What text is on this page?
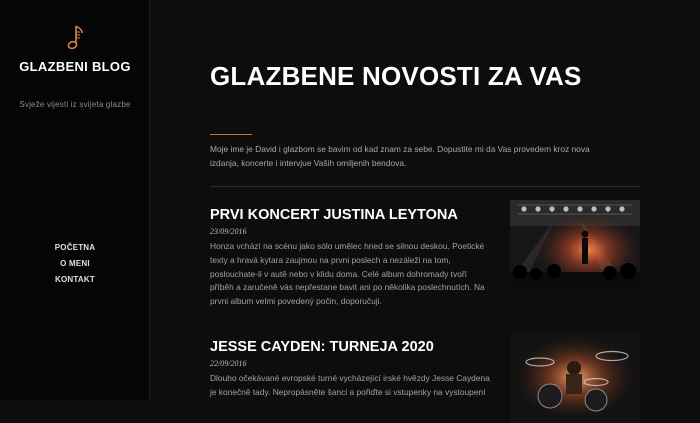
GLAZBENI BLOG
Svježe vijesti iz svijeta glazbe
POČETNA
O MENI
KONTAKT
GLAZBENE NOVOSTI ZA VAS

Moje ime je David i glazbom se bavim od kad znam za sebe. Dopustite mi da Vas provedem kroz nova izdanja, koncerte i intervjue Vaših omiljenih bendova.

PRVI KONCERT JUSTINA LEYTONA
23/09/2016

Honza vchází na scénu jako sólo umělec hned se silnou deskou. Poetické texty a hravá kytara zaujmou na prvni poslech a nezáleži na tom, poslouchate-li v autě nebo v klidu doma. Celé album dohromady tvoří příběh a zaručeně vás nepřestane bavit ani po několika poslechnutích. Na prvni album velmi povedený počin, doporučuji.

JESSE CAYDEN: TURNEJA 2020
22/09/2016

Dlouho očekávané evropské turné vycházející irské hvězdy Jesse Caydena je konečně tady. Nepropásněte šanci a pořiďte si vstupenky na vystoupení
